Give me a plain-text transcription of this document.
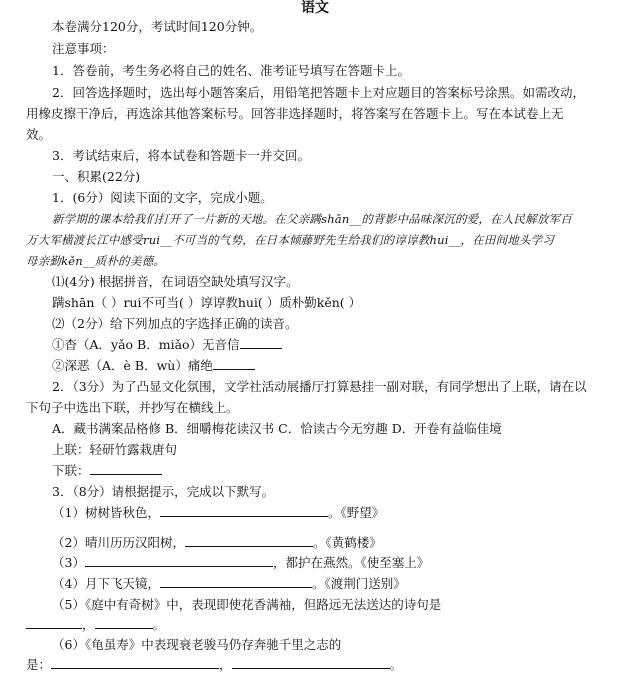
语文
本卷满分120分，考试时间120分钟。
注意事项：
1．答卷前，考生务必将自己的姓名、准考证号填写在答题卡上。
2．回答选择题时，选出每小题答案后，用铅笔把答题卡上对应题目的答案标号涂黑。如需改动，
用橡皮擦干净后，再选涂其他答案标号。回答非选择题时，将答案写在答题卡上。写在本试卷上无
效。
3．考试结束后，将本试卷和答题卡一并交回。
一、积累(22分)
1．(6分）阅读下面的文字，完成小题。
新学期的课本给我们打开了一片新的天地。在父亲蹒shān__的背影中品味深沉的爱，在人民解放军百
万大军横渡长江中感受rui__不可当的气势，在日本倾藤野先生给我们的谆谆教hui__，在田间地头学习
母亲勤kěn__质朴的美德。
⑴(4分) 根据拼音，在词语空缺处填写汉字。
蹒shān（ ）rui不可当( ）谆谆教hui( ）质朴勤kěn( ）
⑵（2分）给下列加点的字选择正确的读音。
①杳（A．yǎo B．miǎo）无音信
②深恶（A．è B．wù）痛绝
2．（3分）为了凸显文化氛围，文学社活动展播厅打算悬挂一副对联，有同学想出了上联，请在以
下句子中选出下联，并抄写在横线上。
A．藏书满案品格修 B．细嚼梅花读汉书 C．恰读古今无穷趣 D．开卷有益临佳境
上联：轻研竹露栽唐句
下联：
3．（8分）请根据提示，完成以下默写。
（1）树树皆秋色，	。《野望》
（2）晴川历历汉阳树，	。《黄鹤楼》
（3）	，都护在燕然。《使至塞上》
（4）月下飞天镜，	。《渡荆门送别》
（5）《庭中有奇树》中，表现即使花香满袖，但路远无法送达的诗句是
，	。
（6）《龟虽寿》中表现衰老骏马仍存奔驰千里之志的
是：	，	。
